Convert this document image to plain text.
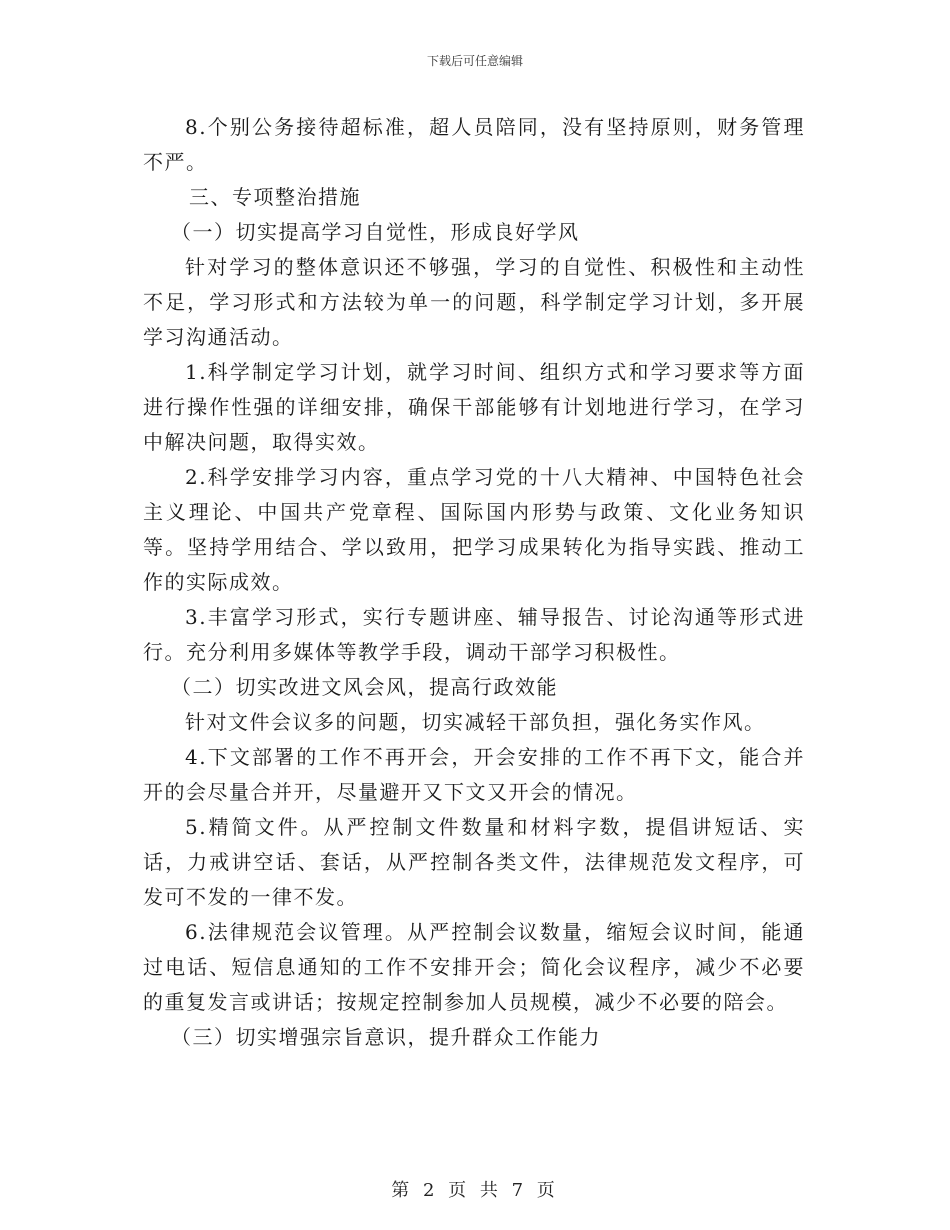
下载后可任意编辑

8.个别公务接待超标准，超人员陪同，没有坚持原则，财务管理不严。

三、专项整治措施

（一）切实提高学习自觉性，形成良好学风

针对学习的整体意识还不够强，学习的自觉性、积极性和主动性不足，学习形式和方法较为单一的问题，科学制定学习计划，多开展学习沟通活动。

1.科学制定学习计划，就学习时间、组织方式和学习要求等方面进行操作性强的详细安排，确保干部能够有计划地进行学习，在学习中解决问题，取得实效。

2.科学安排学习内容，重点学习党的十八大精神、中国特色社会主义理论、中国共产党章程、国际国内形势与政策、文化业务知识等。坚持学用结合、学以致用，把学习成果转化为指导实践、推动工作的实际成效。

3.丰富学习形式，实行专题讲座、辅导报告、讨论沟通等形式进行。充分利用多媒体等教学手段，调动干部学习积极性。

（二）切实改进文风会风，提高行政效能

针对文件会议多的问题，切实减轻干部负担，强化务实作风。

4.下文部署的工作不再开会，开会安排的工作不再下文，能合并开的会尽量合并开，尽量避开又下文又开会的情况。

5.精简文件。从严控制文件数量和材料字数，提倡讲短话、实话，力戒讲空话、套话，从严控制各类文件，法律规范发文程序，可发可不发的一律不发。

6.法律规范会议管理。从严控制会议数量，缩短会议时间，能通过电话、短信息通知的工作不安排开会；简化会议程序，减少不必要的重复发言或讲话；按规定控制参加人员规模，减少不必要的陪会。

（三）切实增强宗旨意识，提升群众工作能力

第 2 页 共 7 页
